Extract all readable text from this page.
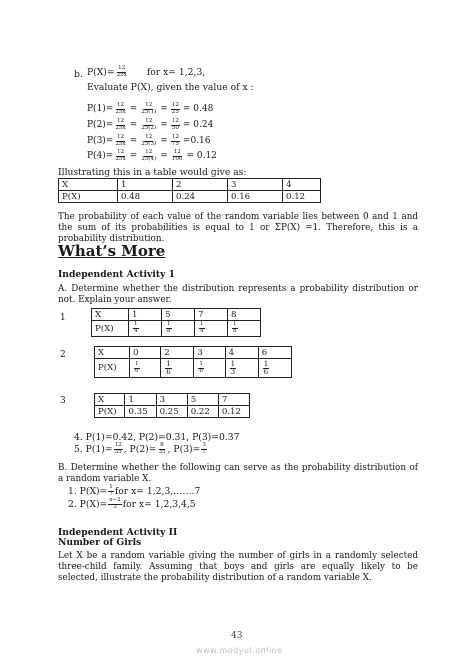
b. $P(X)= \frac{12}{25x}$ for x= 1,2,3,
Evaluate P(X), given the value of x :
$P(1)= \frac{12}{25x} = \frac{12}{25(1)} = \frac{12}{25} = 0.48$
$P(2)= \frac{12}{25x} = \frac{12}{25(2)} = \frac{12}{50} = 0.24$
$P(3)= \frac{12}{25x} = \frac{12}{25(3)} = \frac{12}{75} =0.16$
$P(4)= \frac{12}{25x} = \frac{12}{25(4)} = \frac{12}{100} = 0.12$
Illustrating this in a table would give as:
X	1	2	3	4
P(X)	0.48	0.24	0.16	0.12
The probability of each value of the random variable lies between 0 and 1 and the sum of its probabilities is equal to 1 or ΣP(X) =1. Therefore, this is a probability distribution.
What’s More
Independent Activity 1
A. Determine whether the distribution represents a probability distribution or not. Explain your answer.
1	X	1	5	7	8
P(X)	$\frac{1}{4}$	$\frac{1}{8}$	$\frac{1}{4}$	$\frac{1}{8}$
2	X	0	2	3	4	6
P(X)	$\frac{1}{6}$	$\frac{1}{6}$	$\frac{1}{6}$	$\frac{1}{3}$	$\frac{1}{6}$
3	X	1	3	5	7
P(X)	0.35	0.25	0.22	0.12
4. P(1)=0.42, P(2)=0.31, P(3)=0.37
5. $P(1)= \frac{12}{35}$ , $P(2)= \frac{8}{35}$ , $P(3)= \frac{3}{7}$
B. Determine whether the following can serve as the probability distribution of a random variable X.
1. $P(X)= \frac{1}{7}$ for x= 1,2,3,…….7
2. $P(X)= \frac{x-2}{3}$ for x= 1,2,3,4,5
Independent Activity II
Number of Girls
Let X be a random variable giving the number of girls in a randomly selected three-child family. Assuming that boys and girls are equally likely to be selected, illustrate the probability distribution of a random variable X.
43
www.modyul.online
